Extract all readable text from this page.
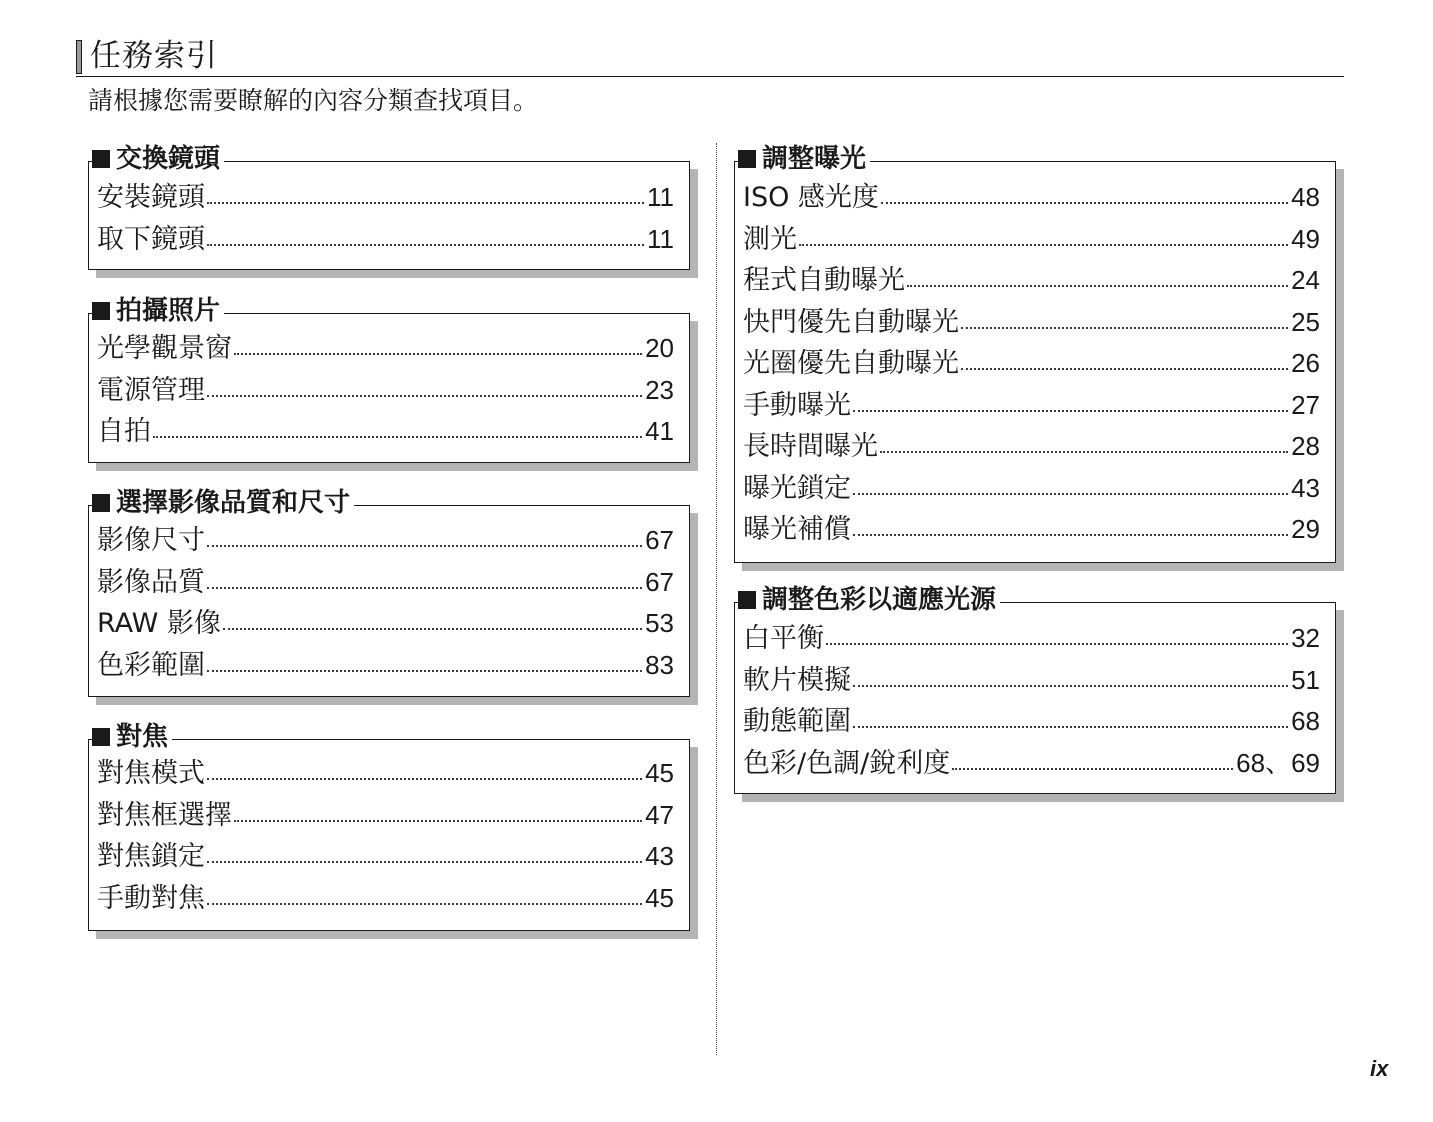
任務索引
請根據您需要瞭解的內容分類查找項目。
交換鏡頭
安裝鏡頭	11
取下鏡頭	11
拍攝照片
光學觀景窗	20
電源管理	23
自拍	41
選擇影像品質和尺寸
影像尺寸	67
影像品質	67
RAW 影像	53
色彩範圍	83
對焦
對焦模式	45
對焦框選擇	47
對焦鎖定	43
手動對焦	45
調整曝光
ISO 感光度	48
測光	49
程式自動曝光	24
快門優先自動曝光	25
光圈優先自動曝光	26
手動曝光	27
長時間曝光	28
曝光鎖定	43
曝光補償	29
調整色彩以適應光源
白平衡	32
軟片模擬	51
動態範圍	68
色彩/色調/銳利度	68、69
ix
